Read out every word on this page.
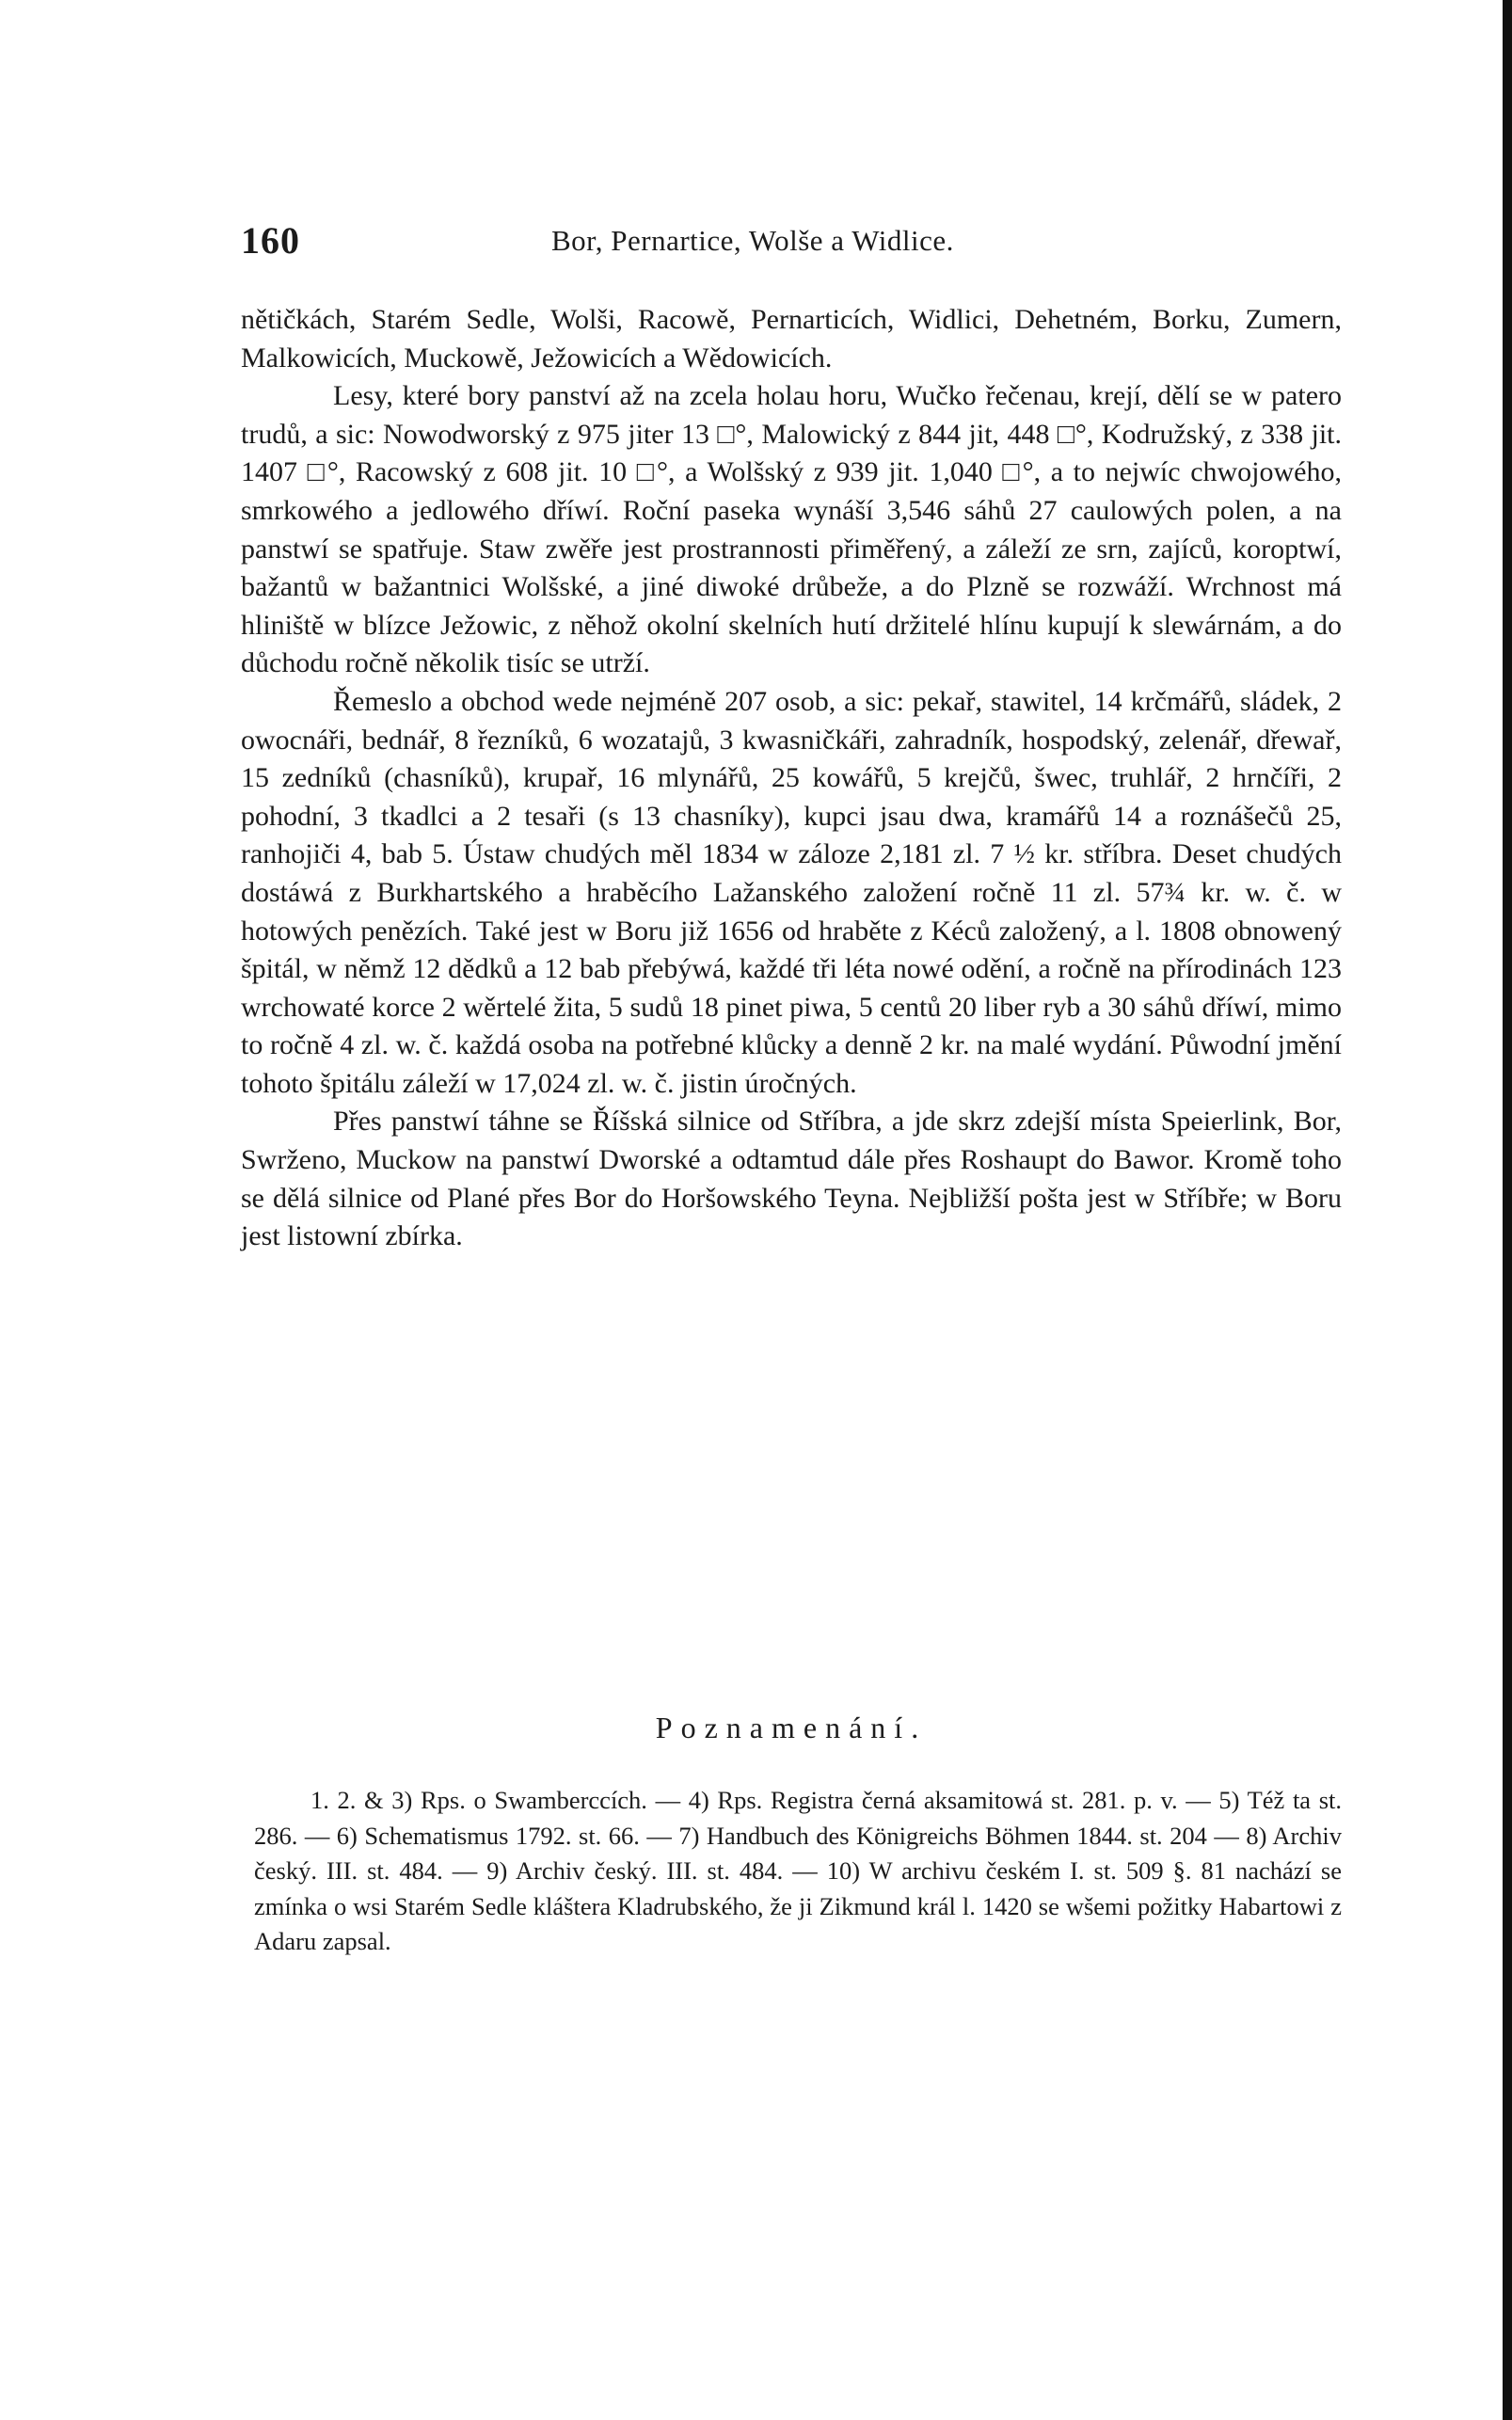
160	Bor, Pernartice, Wolše a Widlice.

nětičkách, Starém Sedle, Wolši, Racowě, Pernarticích, Widlici, Dehetném, Borku, Zumern, Malkowicích, Muckowě, Ježowicích a Wědowicích.

Lesy, které bory panství až na zcela holau horu, Wučko řečenau, krejí, dělí se w patero trudů, a sic: Nowodworský z 975 jiter 13 □°, Malowický z 844 jit, 448 □°, Kodružský, z 338 jit. 1407 □°, Racowský z 608 jit. 10 □°, a Wolšský z 939 jit. 1,040 □°, a to nejwíc chwojowého, smrkowého a jedlowého dříwí. Roční paseka wynáší 3,546 sáhů 27 caulowých polen, a na panstwí se spatřuje. Staw zwěře jest prostrannosti přiměřený, a záleží ze srn, zajíců, koroptwí, bažantů w bažantnici Wolšské, a jiné diwoké drůbeže, a do Plzně se rozwáží. Wrchnost má hliniště w blízce Ježowic, z něhož okolní skelních hutí držitelé hlínu kupují k slewárnám, a do důchodu ročně několik tisíc se utrží.

Řemeslo a obchod wede nejméně 207 osob, a sic: pekař, stawitel, 14 krčmářů, sládek, 2 owocnáři, bednář, 8 řezníků, 6 wozatajů, 3 kwasničkáři, zahradník, hospodský, zelenář, dřewař, 15 zedníků (chasníků), krupař, 16 mlynářů, 25 kowářů, 5 krejčů, šwec, truhlář, 2 hrnčíři, 2 pohodní, 3 tkadlci a 2 tesaři (s 13 chasníky), kupci jsau dwa, kramářů 14 a roznášečů 25, ranhojiči 4, bab 5. Ústaw chudých měl 1834 w záloze 2,181 zl. 7 ½ kr. stříbra. Deset chudých dostáwá z Burkhartského a hraběcího Lažanského založení ročně 11 zl. 57¾ kr. w. č. w hotowých penězích. Také jest w Boru již 1656 od hraběte z Kéců založený, a l. 1808 obnowený špitál, w němž 12 dědků a 12 bab přebýwá, každé tři léta nowé odění, a ročně na přírodinách 123 wrchowaté korce 2 wěrtelé žita, 5 sudů 18 pinet piwa, 5 centů 20 liber ryb a 30 sáhů dříwí, mimo to ročně 4 zl. w. č. každá osoba na potřebné klůcky a denně 2 kr. na malé wydání. Půwodní jmění tohoto špitálu záleží w 17,024 zl. w. č. jistin úročných.

Přes panstwí táhne se Říšská silnice od Stříbra, a jde skrz zdejší místa Speierlink, Bor, Swrženo, Muckow na panstwí Dworské a odtamtud dále přes Roshaupt do Bawor. Kromě toho se dělá silnice od Plané přes Bor do Horšowského Teyna. Nejbližší pošta jest w Stříbře; w Boru jest listowní zbírka.

Poznamenání.

1. 2. & 3) Rps. o Swamberccích. — 4) Rps. Registra černá aksamitowá st. 281. p. v. — 5) Též ta st. 286. — 6) Schematismus 1792. st. 66. — 7) Handbuch des Königreichs Böhmen 1844. st. 204 — 8) Archiv český. III. st. 484. — 9) Archiv český. III. st. 484. — 10) W archivu českém I. st. 509 §. 81 nachází se zmínka o wsi Starém Sedle kláštera Kladrubského, že ji Zikmund král l. 1420 se wšemi požitky Habartowi z Adaru zapsal.
